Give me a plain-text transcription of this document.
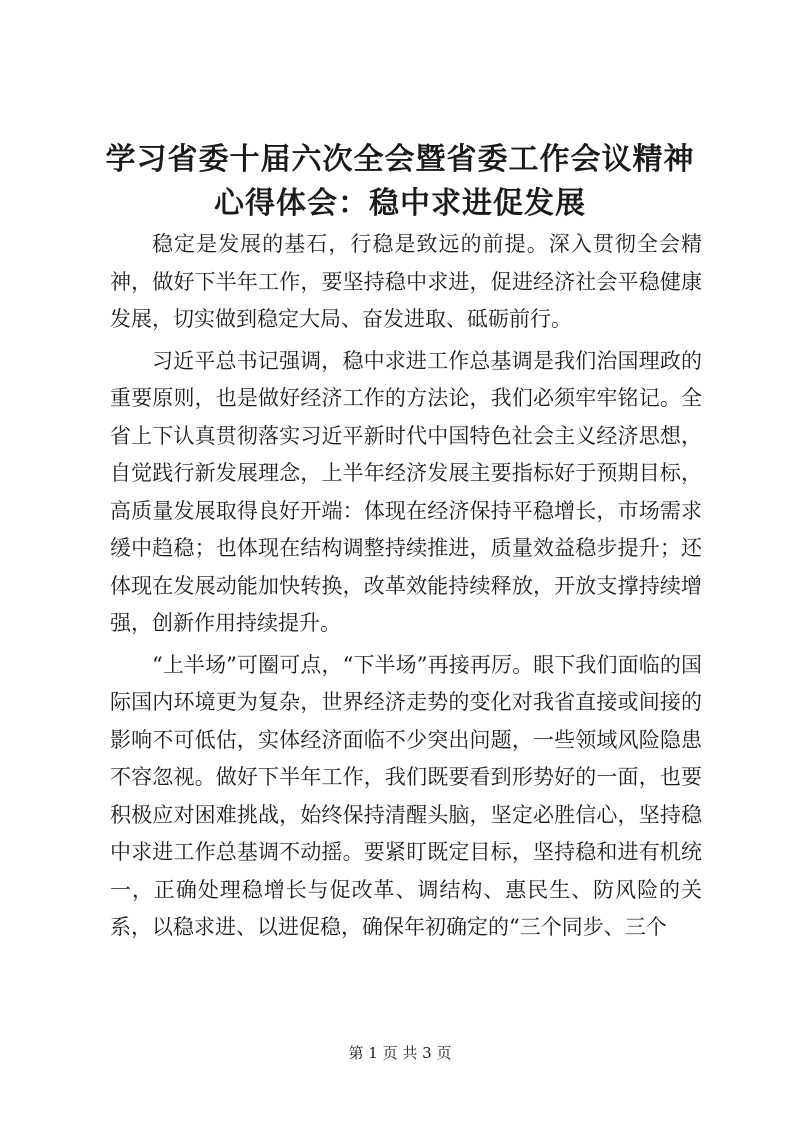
学习省委十届六次全会暨省委工作会议精神心得体会：稳中求进促发展

稳定是发展的基石，行稳是致远的前提。深入贯彻全会精神，做好下半年工作，要坚持稳中求进，促进经济社会平稳健康发展，切实做到稳定大局、奋发进取、砥砺前行。

习近平总书记强调，稳中求进工作总基调是我们治国理政的重要原则，也是做好经济工作的方法论，我们必须牢牢铭记。全省上下认真贯彻落实习近平新时代中国特色社会主义经济思想，自觉践行新发展理念，上半年经济发展主要指标好于预期目标，高质量发展取得良好开端：体现在经济保持平稳增长，市场需求缓中趋稳；也体现在结构调整持续推进，质量效益稳步提升；还体现在发展动能加快转换，改革效能持续释放，开放支撑持续增强，创新作用持续提升。

“上半场”可圈可点，“下半场”再接再厉。眼下我们面临的国际国内环境更为复杂，世界经济走势的变化对我省直接或间接的影响不可低估，实体经济面临不少突出问题，一些领域风险隐患不容忽视。做好下半年工作，我们既要看到形势好的一面，也要积极应对困难挑战，始终保持清醒头脑，坚定必胜信心，坚持稳中求进工作总基调不动摇。要紧盯既定目标，坚持稳和进有机统一，正确处理稳增长与促改革、调结构、惠民生、防风险的关系，以稳求进、以进促稳，确保年初确定的“三个同步、三个

第 1 页 共 3 页
